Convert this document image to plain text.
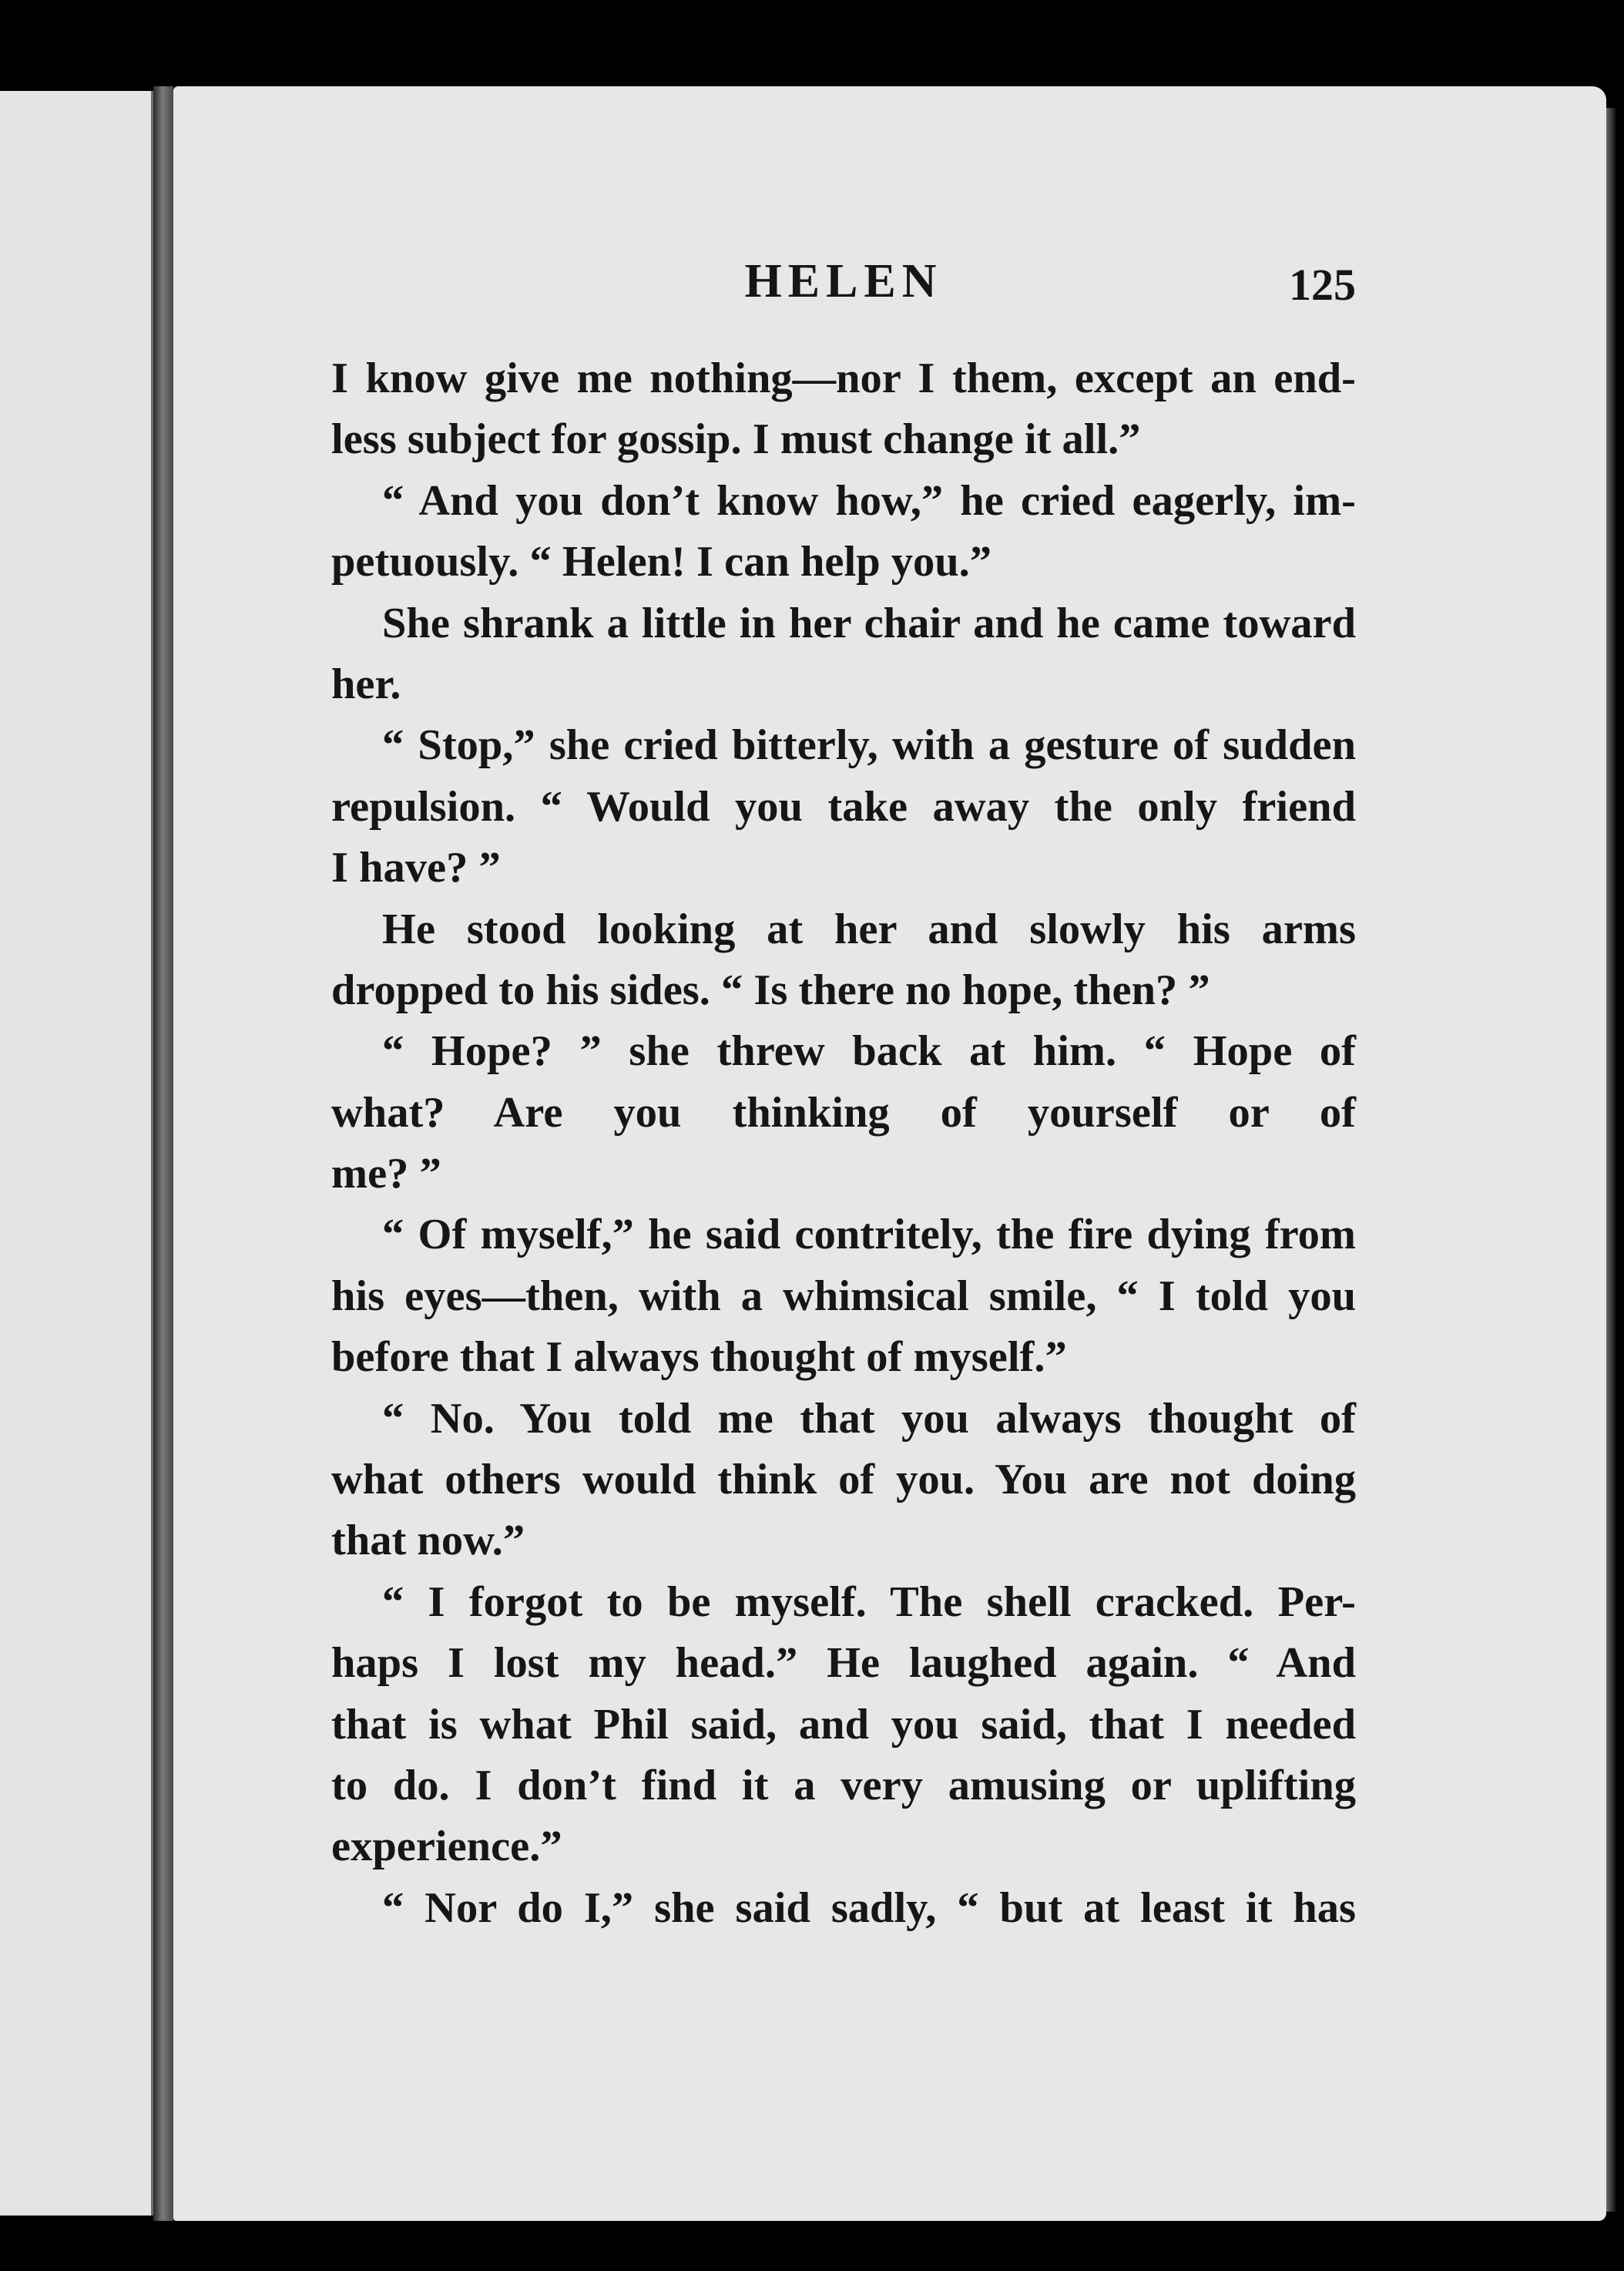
HELEN	125
I know give me nothing—nor I them, except an end-
less subject for gossip. I must change it all.”
“ And you don’t know how,” he cried eagerly, im-
petuously. “ Helen! I can help you.”
She shrank a little in her chair and he came toward
her.
“ Stop,” she cried bitterly, with a gesture of sudden
repulsion. “ Would you take away the only friend
I have? ”
He stood looking at her and slowly his arms
dropped to his sides. “ Is there no hope, then? ”
“ Hope? ” she threw back at him. “ Hope of
what? Are you thinking of yourself or of
me? ”
“ Of myself,” he said contritely, the fire dying from
his eyes—then, with a whimsical smile, “ I told you
before that I always thought of myself.”
“ No. You told me that you always thought of
what others would think of you. You are not doing
that now.”
“ I forgot to be myself. The shell cracked. Per-
haps I lost my head.” He laughed again. “ And
that is what Phil said, and you said, that I needed
to do. I don’t find it a very amusing or uplifting
experience.”
“ Nor do I,” she said sadly, “ but at least it has
